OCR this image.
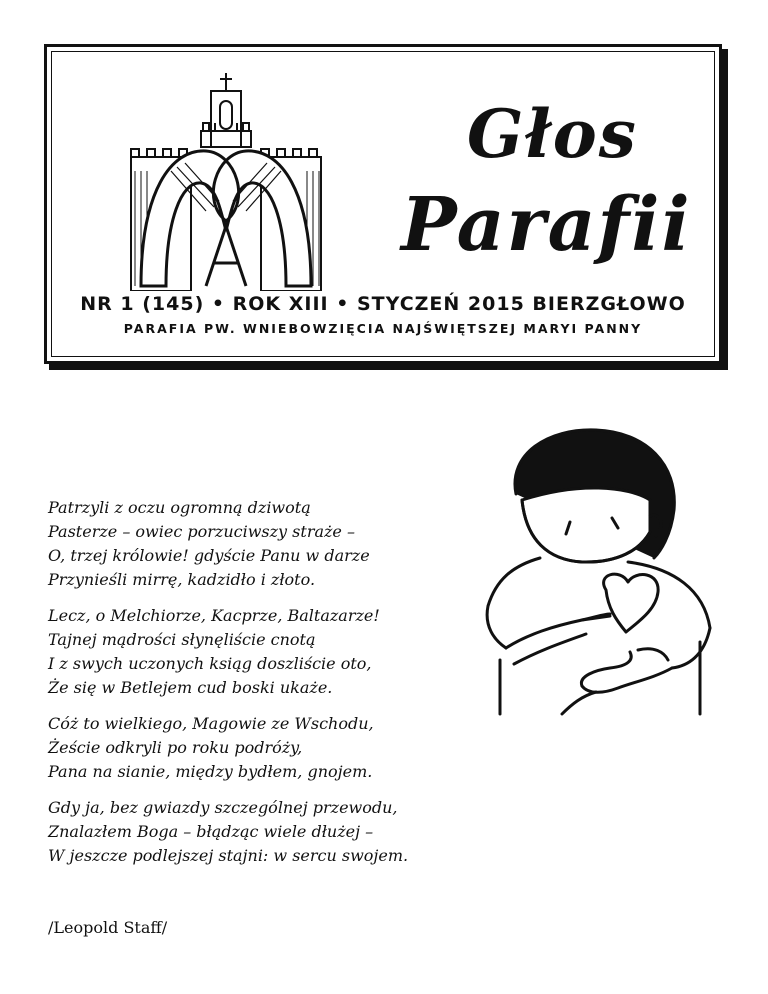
Głos
Parafii
NR 1 (145) • ROK XIII • STYCZEŃ 2015 BIERZGŁOWO
PARAFIA PW. WNIEBOWZIĘCIA NAJŚWIĘTSZEJ MARYI PANNY
Patrzyli z oczu ogromną dziwotą
Pasterze – owiec porzuciwszy straże –
O, trzej królowie! gdyście Panu w darze
Przynieśli mirrę, kadzidło i złoto.
Lecz, o Melchiorze, Kacprze, Baltazarze!
Tajnej mądrości słynęliście cnotą
I z swych uczonych ksiąg doszliście oto,
Że się w Betlejem cud boski ukaże.
Cóż to wielkiego, Magowie ze Wschodu,
Żeście odkryli po roku podróży,
Pana na sianie, między bydłem, gnojem.
Gdy ja, bez gwiazdy szczególnej przewodu,
Znalazłem Boga – błądząc wiele dłużej –
W jeszcze podlejszej stajni: w sercu swojem.
/Leopold Staff/
